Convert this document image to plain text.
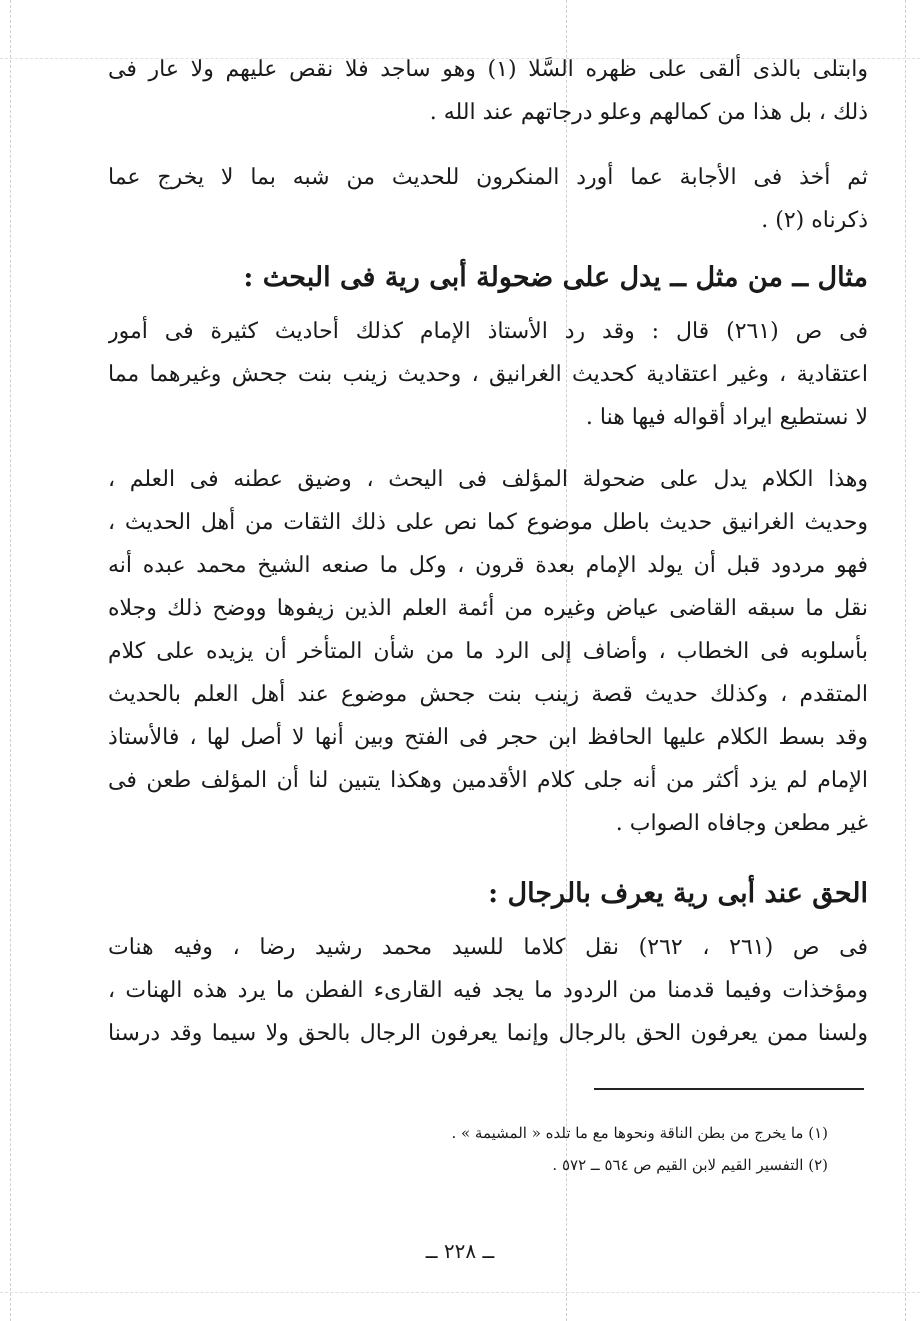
وابتلى بالذى ألقى على ظهره السَّلا (١) وهو ساجد فلا نقص عليهم ولا عار فى
ذلك ، بل هذا من كمالهم وعلو درجاتهم عند الله .
ثم أخذ فى الأجابة عما أورد المنكرون للحديث من شبه بما لا يخرج عما
ذكرناه (٢) .
مثال ــ من مثل ــ يدل على ضحولة أبى رية فى البحث :
فى ص (٢٦١) قال : وقد رد الأستاذ الإمام كذلك أحاديث كثيرة فى أمور
اعتقادية ، وغير اعتقادية كحديث الغرانيق ، وحديث زينب بنت جحش وغيرهما مما
لا نستطيع ايراد أقواله فيها هنا .
وهذا الكلام يدل على ضحولة المؤلف فى اليحث ، وضيق عطنه فى العلم ،
وحديث الغرانيق حديث باطل موضوع كما نص على ذلك الثقات من أهل الحديث ،
فهو مردود قبل أن يولد الإمام بعدة قرون ، وكل ما صنعه الشيخ محمد عبده أنه
نقل ما سبقه القاضى عياض وغيره من أئمة العلم الذين زيفوها ووضح ذلك وجلاه
بأسلوبه فى الخطاب ، وأضاف إلى الرد ما من شأن المتأخر أن يزيده على كلام
المتقدم ، وكذلك حديث قصة زينب بنت جحش موضوع عند أهل العلم بالحديث
وقد بسط الكلام عليها الحافظ ابن حجر فى الفتح وبين أنها لا أصل لها ، فالأستاذ
الإمام لم يزد أكثر من أنه جلى كلام الأقدمين وهكذا يتبين لنا أن المؤلف طعن فى
غير مطعن وجافاه الصواب .
الحق عند أبى رية يعرف بالرجال :
فى ص (٢٦١ ، ٢٦٢) نقل كلاما للسيد محمد رشيد رضا ، وفيه هنات
ومؤخذات وفيما قدمنا من الردود ما يجد فيه القارىء الفطن ما يرد هذه الهنات ،
ولسنا ممن يعرفون الحق بالرجال وإنما يعرفون الرجال بالحق ولا سيما وقد درسنا
(١) ما يخرج من بطن الناقة ونحوها مع ما تلده « المشيمة » .
(٢) التفسير القيم لابن القيم ص ٥٦٤ ــ ٥٧٢ .
ــ ٢٢٨ ــ
